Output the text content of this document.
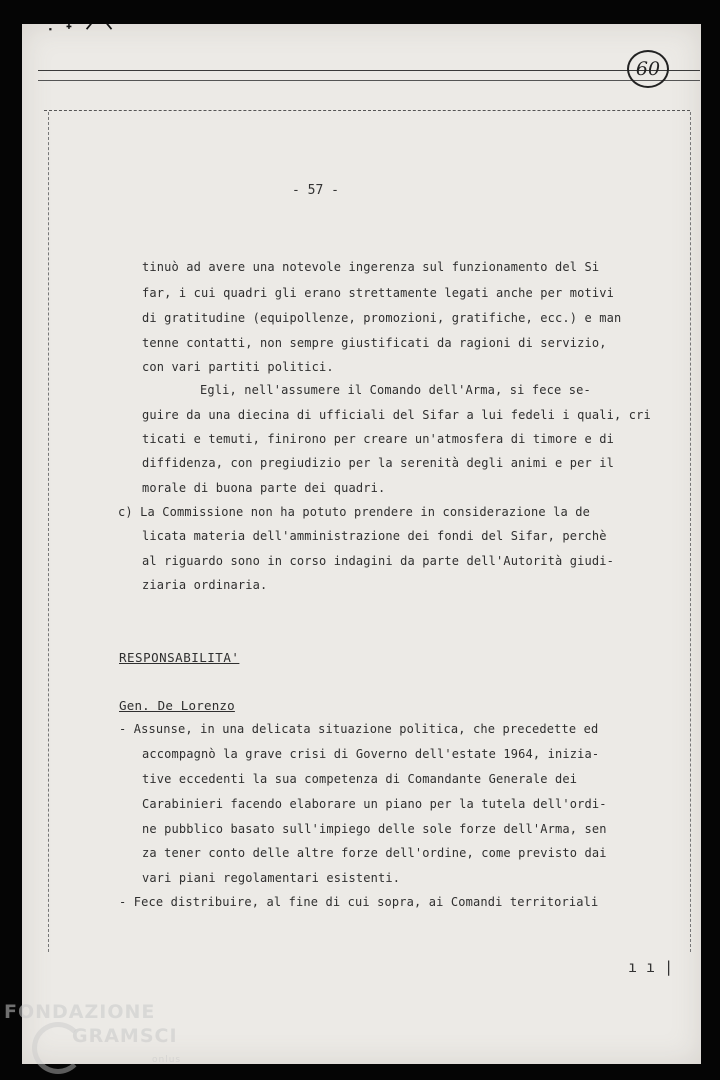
ᐧ ᐩ ᐟ ᐠ
60
- 57 -
tinuò ad avere una notevole ingerenza sul funzionamento del Si
far, i cui quadri gli erano strettamente legati anche per motivi
di gratitudine (equipollenze, promozioni, gratifiche, ecc.) e man
tenne contatti, non sempre giustificati da ragioni di servizio,
con vari partiti politici.
Egli, nell'assumere il Comando dell'Arma, si fece se-
guire da una diecina di ufficiali del Sifar a lui fedeli i quali, cri
ticati e temuti, finirono per creare un'atmosfera di timore e di
diffidenza, con pregiudizio per la serenità degli animi e per il
morale di buona parte dei quadri.
c) La Commissione non ha potuto prendere in considerazione la de
licata materia dell'amministrazione dei fondi del Sifar, perchè
al riguardo sono in corso indagini da parte dell'Autorità giudi-
ziaria ordinaria.
RESPONSABILITA'
Gen. De Lorenzo
- Assunse, in una delicata situazione politica, che precedette ed
accompagnò la grave crisi di Governo dell'estate 1964, inizia-
tive eccedenti la sua competenza di Comandante Generale dei
Carabinieri facendo elaborare un piano per la tutela dell'ordi-
ne pubblico basato sull'impiego delle sole forze dell'Arma, sen
za tener conto delle altre forze dell'ordine, come previsto dai
vari piani regolamentari esistenti.
- Fece distribuire, al fine di cui sopra, ai Comandi territoriali
ı ı |
FONDAZIONE
GRAMSCI
onlus
